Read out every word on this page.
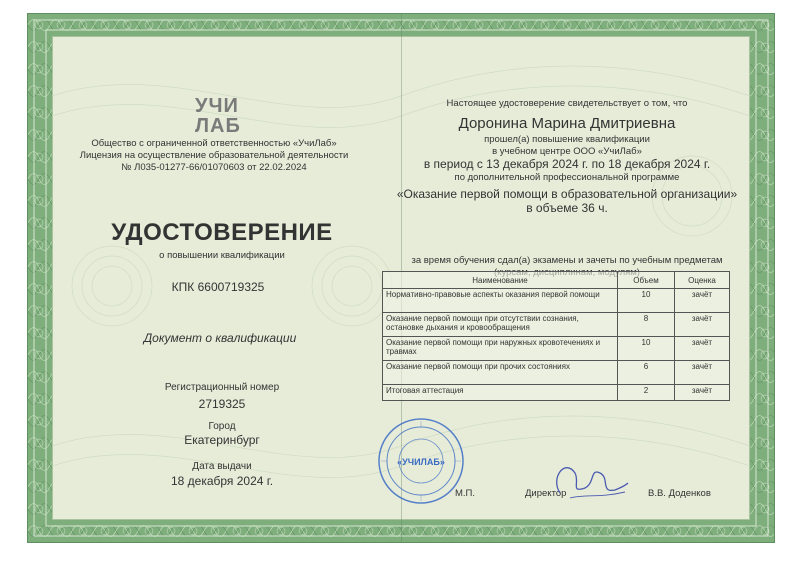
УЧИ
ЛАБ
Общество с ограниченной ответственностью «УчиЛаб»
Лицензия на осуществление образовательной деятельности
№ Л035-01277-66/01070603 от 22.02.2024
УДОСТОВЕРЕНИЕ
о повышении квалификации
КПК 6600719325
Документ о квалификации
Регистрационный номер
2719325
Город
Екатеринбург
Дата выдачи
18 декабря 2024 г.
Настоящее удостоверение свидетельствует о том, что
Доронина Марина Дмитриевна
прошел(а) повышение квалификации
в учебном центре ООО «УчиЛаб»
в период с 13 декабря 2024 г. по 18 декабря 2024 г.
по дополнительной профессиональной программе
«Оказание первой помощи в образовательной организации»
в объеме 36 ч.
за время обучения сдал(а) экзамены и зачеты по учебным предметам
Наименование	Объем	Оценка
Нормативно-правовые аспекты оказания первой помощи	10	зачёт
Оказание первой помощи при отсутствии сознания, остановке дыхания и кровообращения	8	зачёт
Оказание первой помощи при наружных кровотечениях и травмах	10	зачёт
Оказание первой помощи при прочих состояниях	6	зачёт
Итоговая аттестация	2	зачёт
«УЧИЛАБ»
М.П.	Директор	В.В. Доденков
